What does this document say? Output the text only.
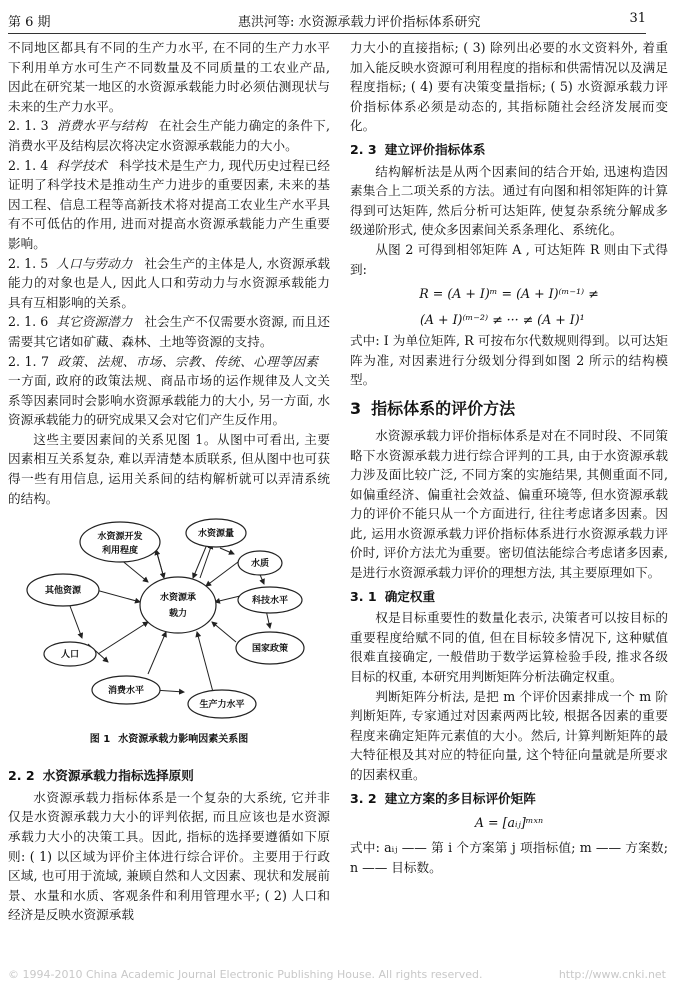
第 6 期	惠洪河等: 水资源承载力评价指标体系研究	31

不同地区都具有不同的生产力水平, 在不同的生产力水平下利用单方水可生产不同数量及不同质量的工农业产品, 因此在研究某一地区的水资源承载能力时必须估测现状与未来的生产力水平。

2. 1. 3 消费水平与结构 在社会生产能力确定的条件下, 消费水平及结构层次将决定水资源承载能力的大小。

2. 1. 4 科学技术 科学技术是生产力, 现代历史过程已经证明了科学技术是推动生产力进步的重要因素, 未来的基因工程、信息工程等高新技术将对提高工农业生产水平具有不可低估的作用, 进而对提高水资源承载能力产生重要影响。

2. 1. 5 人口与劳动力 社会生产的主体是人, 水资源承载能力的对象也是人, 因此人口和劳动力与水资源承载能力具有互相影响的关系。

2. 1. 6 其它资源潜力 社会生产不仅需要水资源, 而且还需要其它诸如矿藏、森林、土地等资源的支持。

2. 1. 7 政策、法规、市场、宗教、传统、心理等因素一方面, 政府的政策法规、商品市场的运作规律及人文关系等因素同时会影响水资源承载能力的大小, 另一方面, 水资源承载能力的研究成果又会对它们产生反作用。

这些主要因素间的关系见图 1。从图中可看出, 主要因素相互关系复杂, 难以弄清楚本质联系, 但从图中也可获得一些有用信息, 运用关系间的结构解析就可以弄清系统的结构。

水资源承
载力
水资源开发
利用程度
水资源量
水质
其他资源
科技水平
人口
国家政策
消费水平
生产力水平
图 1 水资源承载力影响因素关系图
2. 2 水资源承载力指标选择原则

水资源承载力指标体系是一个复杂的大系统, 它并非仅是水资源承载力大小的评判依据, 而且应该也是水资源承载力大小的决策工具。因此, 指标的选择要遵循如下原则: ( 1) 以区域为评价主体进行综合评价。主要用于行政区域, 也可用于流域, 兼顾自然和人文因素、现状和发展前景、水量和水质、客观条件和利用管理水平; ( 2) 人口和经济是反映水资源承载

力大小的直接指标; ( 3) 除列出必要的水文资料外, 着重加入能反映水资源可利用程度的指标和供需情况以及满足程度指标; ( 4) 要有决策变量指标; ( 5) 水资源承载力评价指标体系必须是动态的, 其指标随社会经济发展而变化。

2. 3 建立评价指标体系

结构解析法是从两个因素间的结合开始, 迅速构造因素集合上二项关系的方法。通过有向图和相邻矩阵的计算得到可达矩阵, 然后分析可达矩阵, 使复杂系统分解成多级递阶形式, 使众多因素间关系条理化、系统化。

从图 2 可得到相邻矩阵 A , 可达矩阵 R 则由下式得到:

R = (A + I)ᵐ = (A + I)⁽ᵐ⁻¹⁾ ≠
(A + I)⁽ᵐ⁻²⁾ ≠ ··· ≠ (A + I)¹

式中: I 为单位矩阵, R 可按布尔代数规则得到。以可达矩阵为准, 对因素进行分级划分得到如图 2 所示的结构模型。

3 指标体系的评价方法

水资源承载力评价指标体系是对在不同时段、不同策略下水资源承载力进行综合评判的工具, 由于水资源承载力涉及面比较广泛, 不同方案的实施结果, 其侧重面不同, 如偏重经济、偏重社会效益、偏重环境等, 但水资源承载力的评价不能只从一个方面进行, 往往考虑诸多因素。因此, 运用水资源承载力评价指标体系进行水资源承载力评价时, 评价方法尤为重要。密切值法能综合考虑诸多因素, 是进行水资源承载力评价的理想方法, 其主要原理如下。

3. 1 确定权重

权是目标重要性的数量化表示, 决策者可以按目标的重要程度给赋不同的值, 但在目标较多情况下, 这种赋值很难直接确定, 一般借助于数学运算检验手段, 推求各级目标的权重, 本研究用判断矩阵分析法确定权重。

判断矩阵分析法, 是把 m 个评价因素排成一个 m 阶判断矩阵, 专家通过对因素两两比较, 根据各因素的重要程度来确定矩阵元素值的大小。然后, 计算判断矩阵的最大特征根及其对应的特征向量, 这个特征向量就是所要求的因素权重。

3. 2 建立方案的多目标评价矩阵
A = [aᵢⱼ]ᵐˣⁿ

式中: aᵢⱼ —— 第 i 个方案第 j 项指标值; m —— 方案数; n —— 目标数。

© 1994-2010 China Academic Journal Electronic Publishing House. All rights reserved.	http://www.cnki.net
